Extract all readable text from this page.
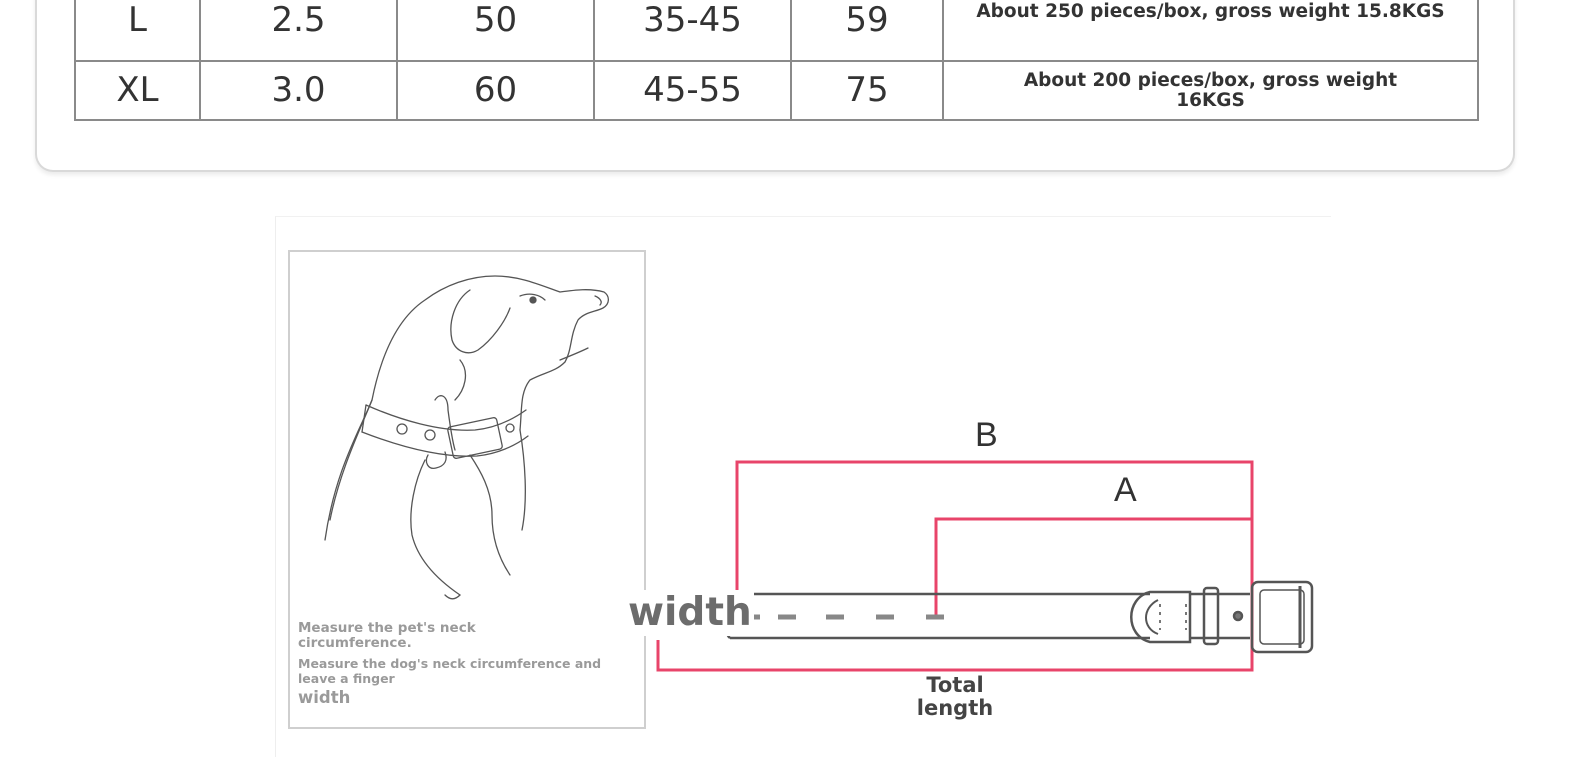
L	2.5	50	35-45	59	About 250 pieces/box, gross weight 15.8KGS
XL	3.0	60	45-55	75	About 200 pieces/box, gross weight 16KGS
Measure the pet's neck circumference.
Measure the dog's neck circumference and leave a finger
width
width
B
A
Total length
